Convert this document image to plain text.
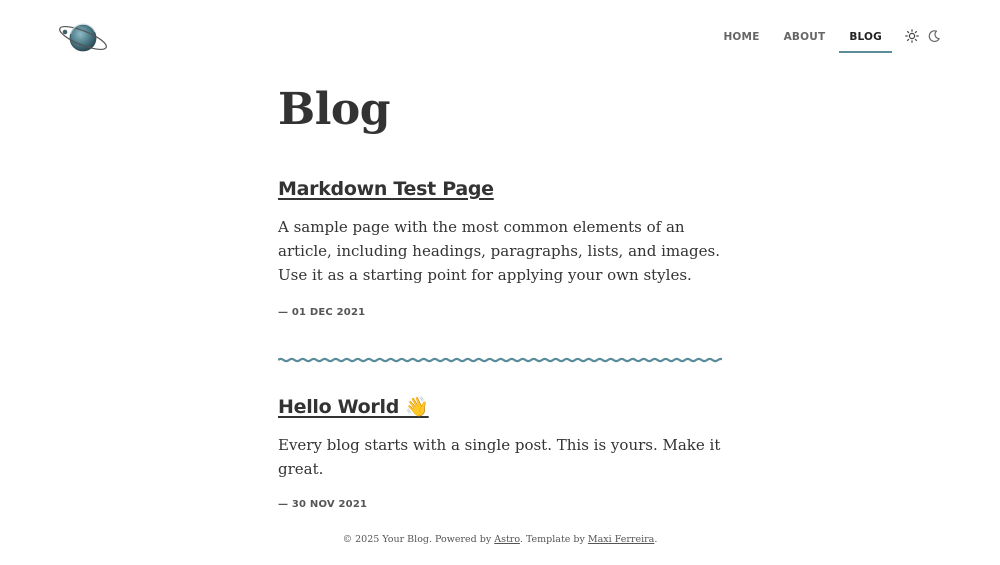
HOME	ABOUT	BLOG
Blog
Markdown Test Page

A sample page with the most common elements of an article, including headings, paragraphs, lists, and images. Use it as a starting point for applying your own styles.

— 01 DEC 2021
Hello World 👋

Every blog starts with a single post. This is yours. Make it great.

— 30 NOV 2021
© 2025 Your Blog. Powered by Astro. Template by Maxi Ferreira.
